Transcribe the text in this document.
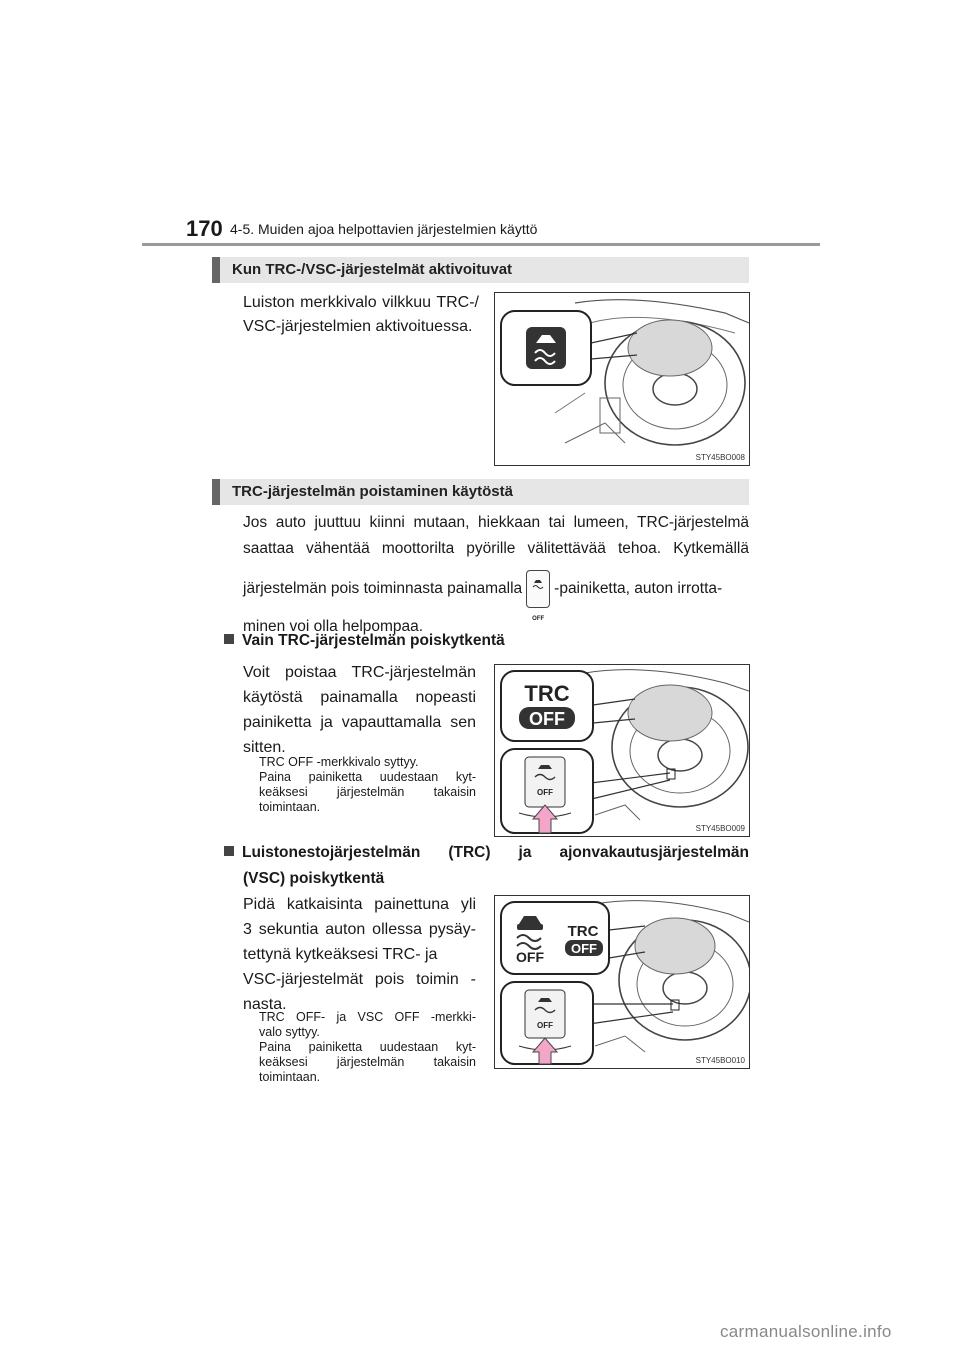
170 4-5. Muiden ajoa helpottavien järjestelmien käyttö
Kun TRC-/VSC-järjestelmät aktivoituvat
Luiston merkkivalo vilkkuu TRC-/
VSC-järjestelmien aktivoituessa.
STY45BO008
TRC-järjestelmän poistaminen käytöstä
Jos auto juuttuu kiinni mutaan, hiekkaan tai lumeen, TRC-järjestelmä
saattaa vähentää moottorilta pyörille välitettävää tehoa. Kytkemällä
järjestelmän pois toiminnasta painamalla
OFF
-painiketta, auton irrotta-
minen voi olla helpompaa.
Vain TRC-järjestelmän poiskytkentä
Voit poistaa TRC-järjestelmän
käytöstä painamalla nopeasti
painiketta ja vapauttamalla sen
sitten.
TRC OFF -merkkivalo syttyy.
Paina painiketta uudestaan kyt-
keäksesi järjestelmän takaisin
toimintaan.
TRC
OFF
OFF
STY45BO009
Luistonestojärjestelmän (TRC) ja ajonvakautusjärjestelmän
(VSC) poiskytkentä
Pidä katkaisinta painettuna yli
3 sekuntia auton ollessa pysäy-
tettynä kytkeäksesi TRC- ja
VSC-järjestelmät pois toimin -
nasta.
TRC OFF- ja VSC OFF -merkki-
valo syttyy.
Paina painiketta uudestaan kyt-
keäksesi järjestelmän takaisin
toimintaan.
OFF
TRC
OFF
OFF
STY45BO010
carmanualsonline.info
